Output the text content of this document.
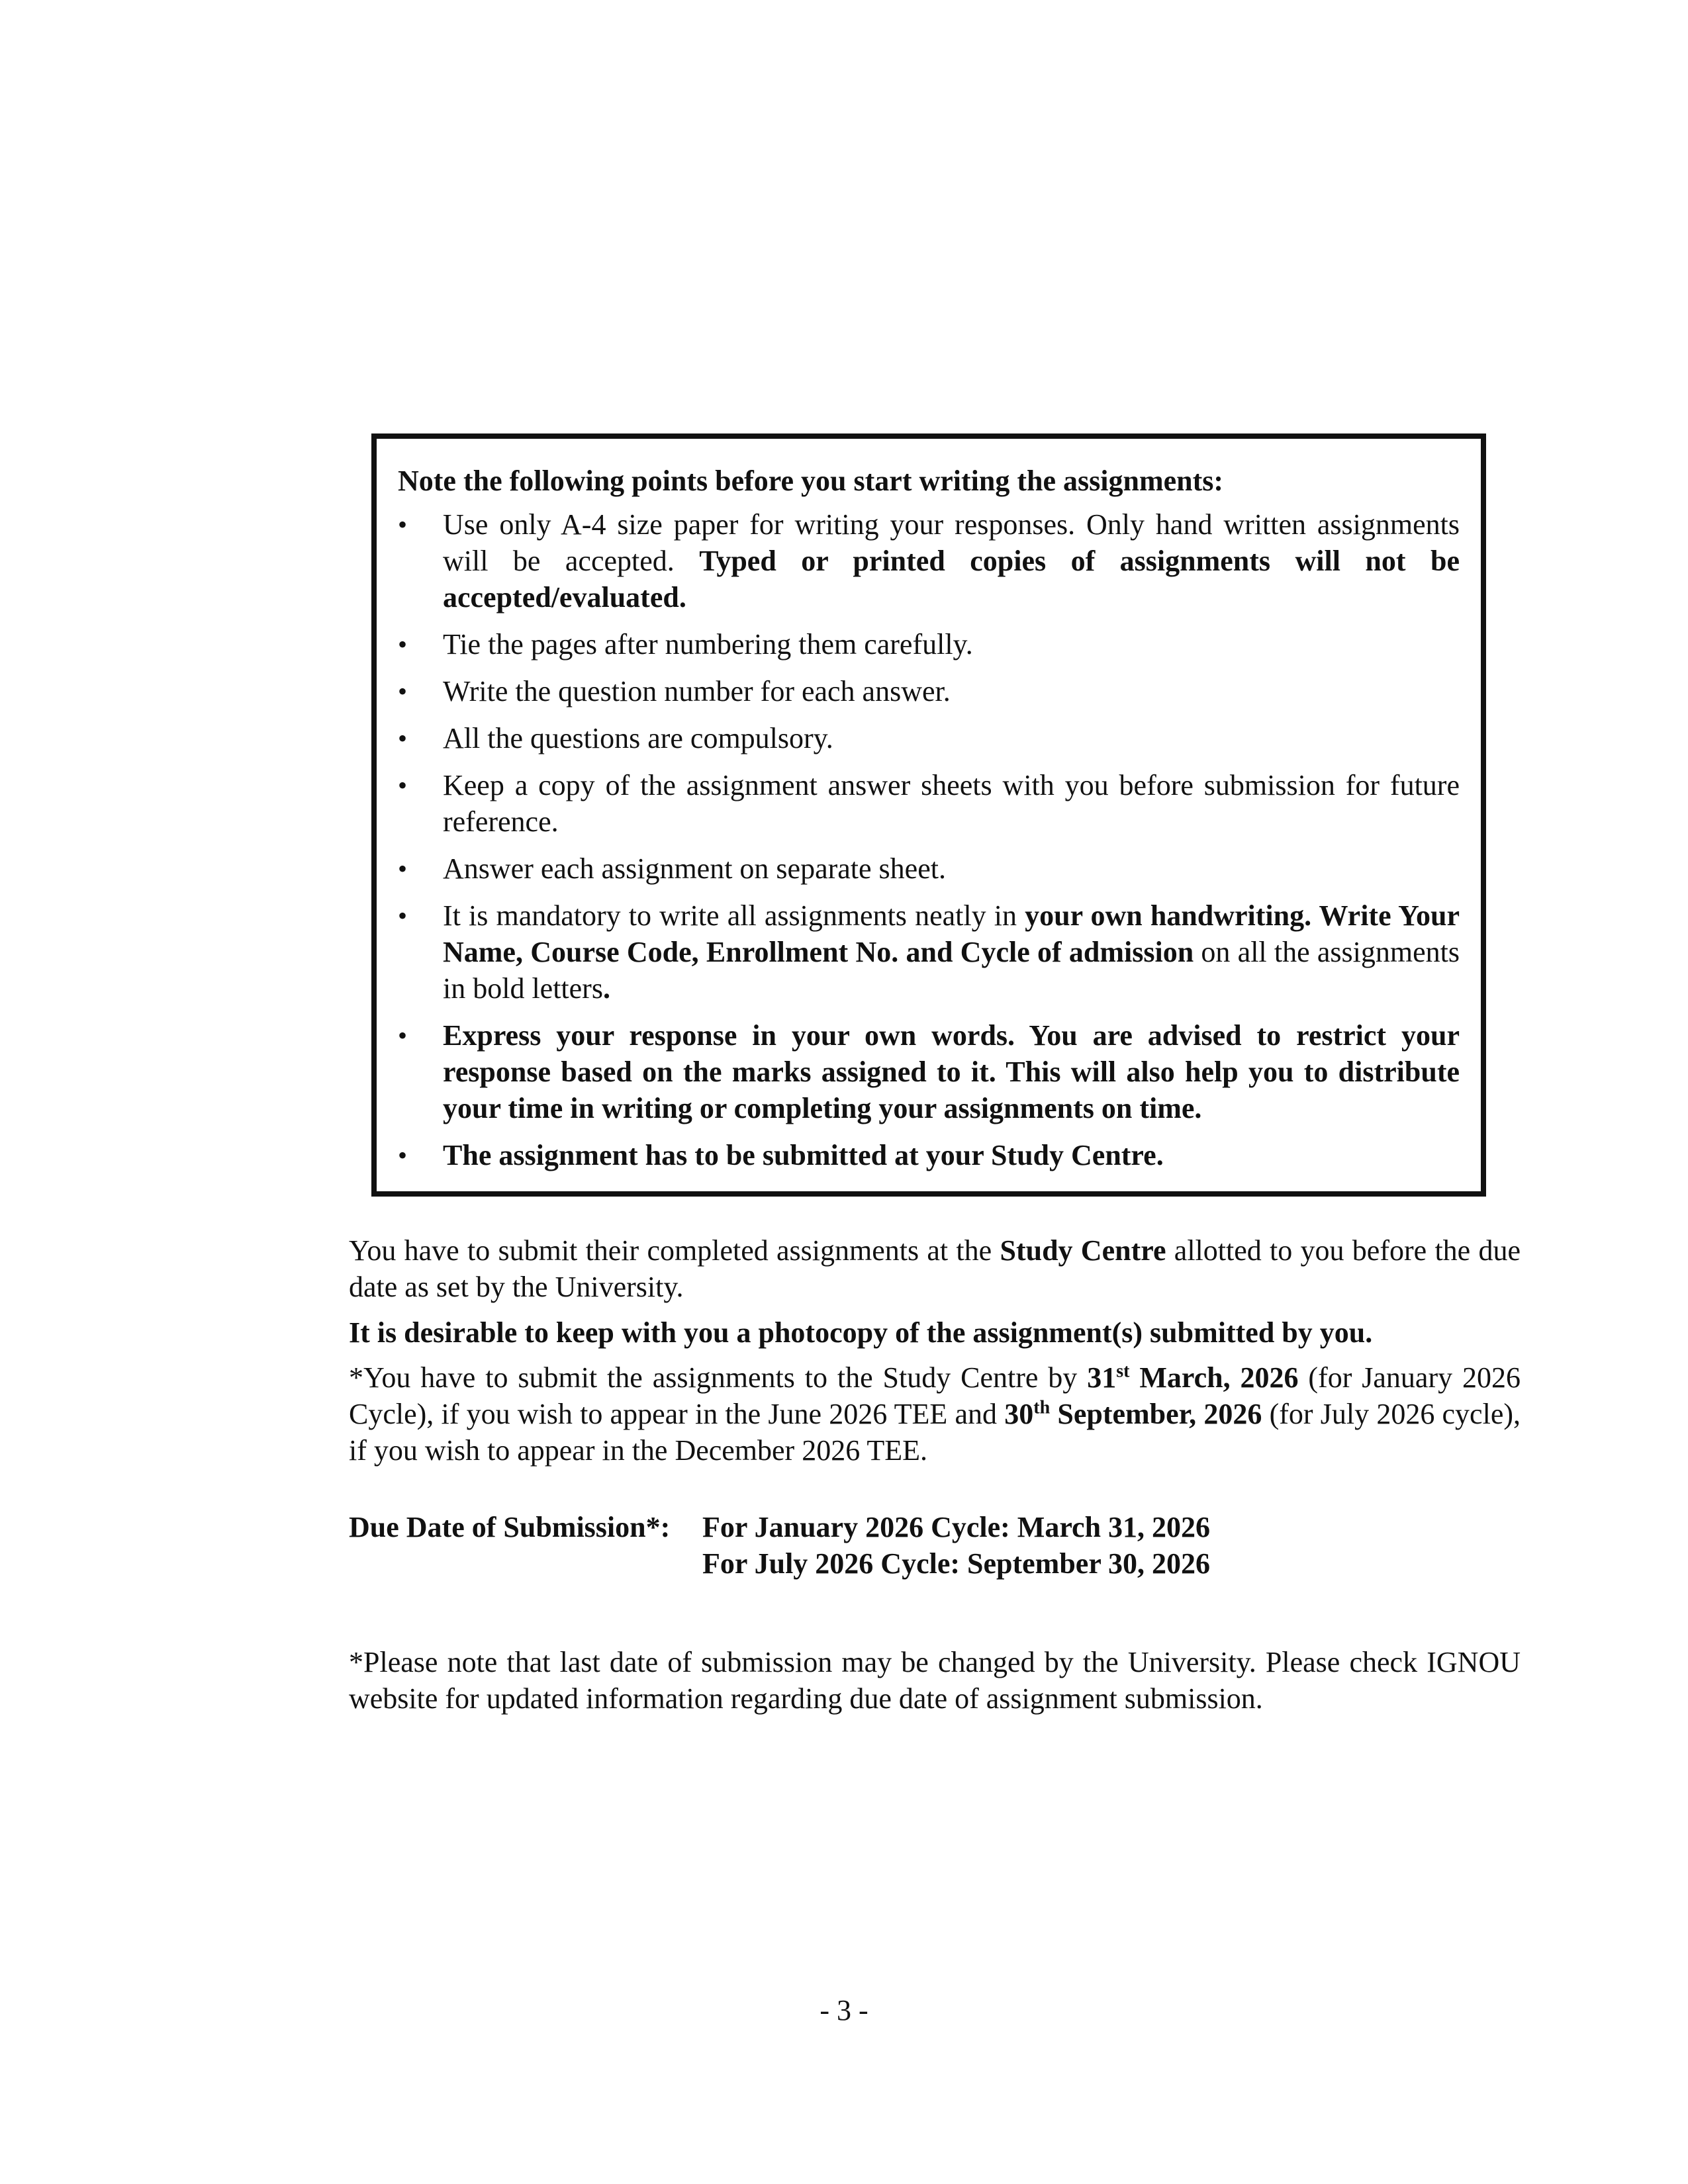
Note the following points before you start writing the assignments:

•	Use only A-4 size paper for writing your responses. Only hand written assignments will be accepted. Typed or printed copies of assignments will not be accepted/evaluated.
•	Tie the pages after numbering them carefully.
•	Write the question number for each answer.
•	All the questions are compulsory.
•	Keep a copy of the assignment answer sheets with you before submission for future reference.
•	Answer each assignment on separate sheet.
•	It is mandatory to write all assignments neatly in your own handwriting. Write Your Name, Course Code, Enrollment No. and Cycle of admission on all the assignments in bold letters.
•	Express your response in your own words. You are advised to restrict your response based on the marks assigned to it. This will also help you to distribute your time in writing or completing your assignments on time.
•	The assignment has to be submitted at your Study Centre.

You have to submit their completed assignments at the Study Centre allotted to you before the due date as set by the University.

It is desirable to keep with you a photocopy of the assignment(s) submitted by you.

*You have to submit the assignments to the Study Centre by 31st March, 2026 (for January 2026 Cycle), if you wish to appear in the June 2026 TEE and 30th September, 2026 (for July 2026 cycle), if you wish to appear in the December 2026 TEE.

Due Date of Submission*: For January 2026 Cycle: March 31, 2026
For July 2026 Cycle: September 30, 2026

*Please note that last date of submission may be changed by the University. Please check IGNOU website for updated information regarding due date of assignment submission.

- 3 -
